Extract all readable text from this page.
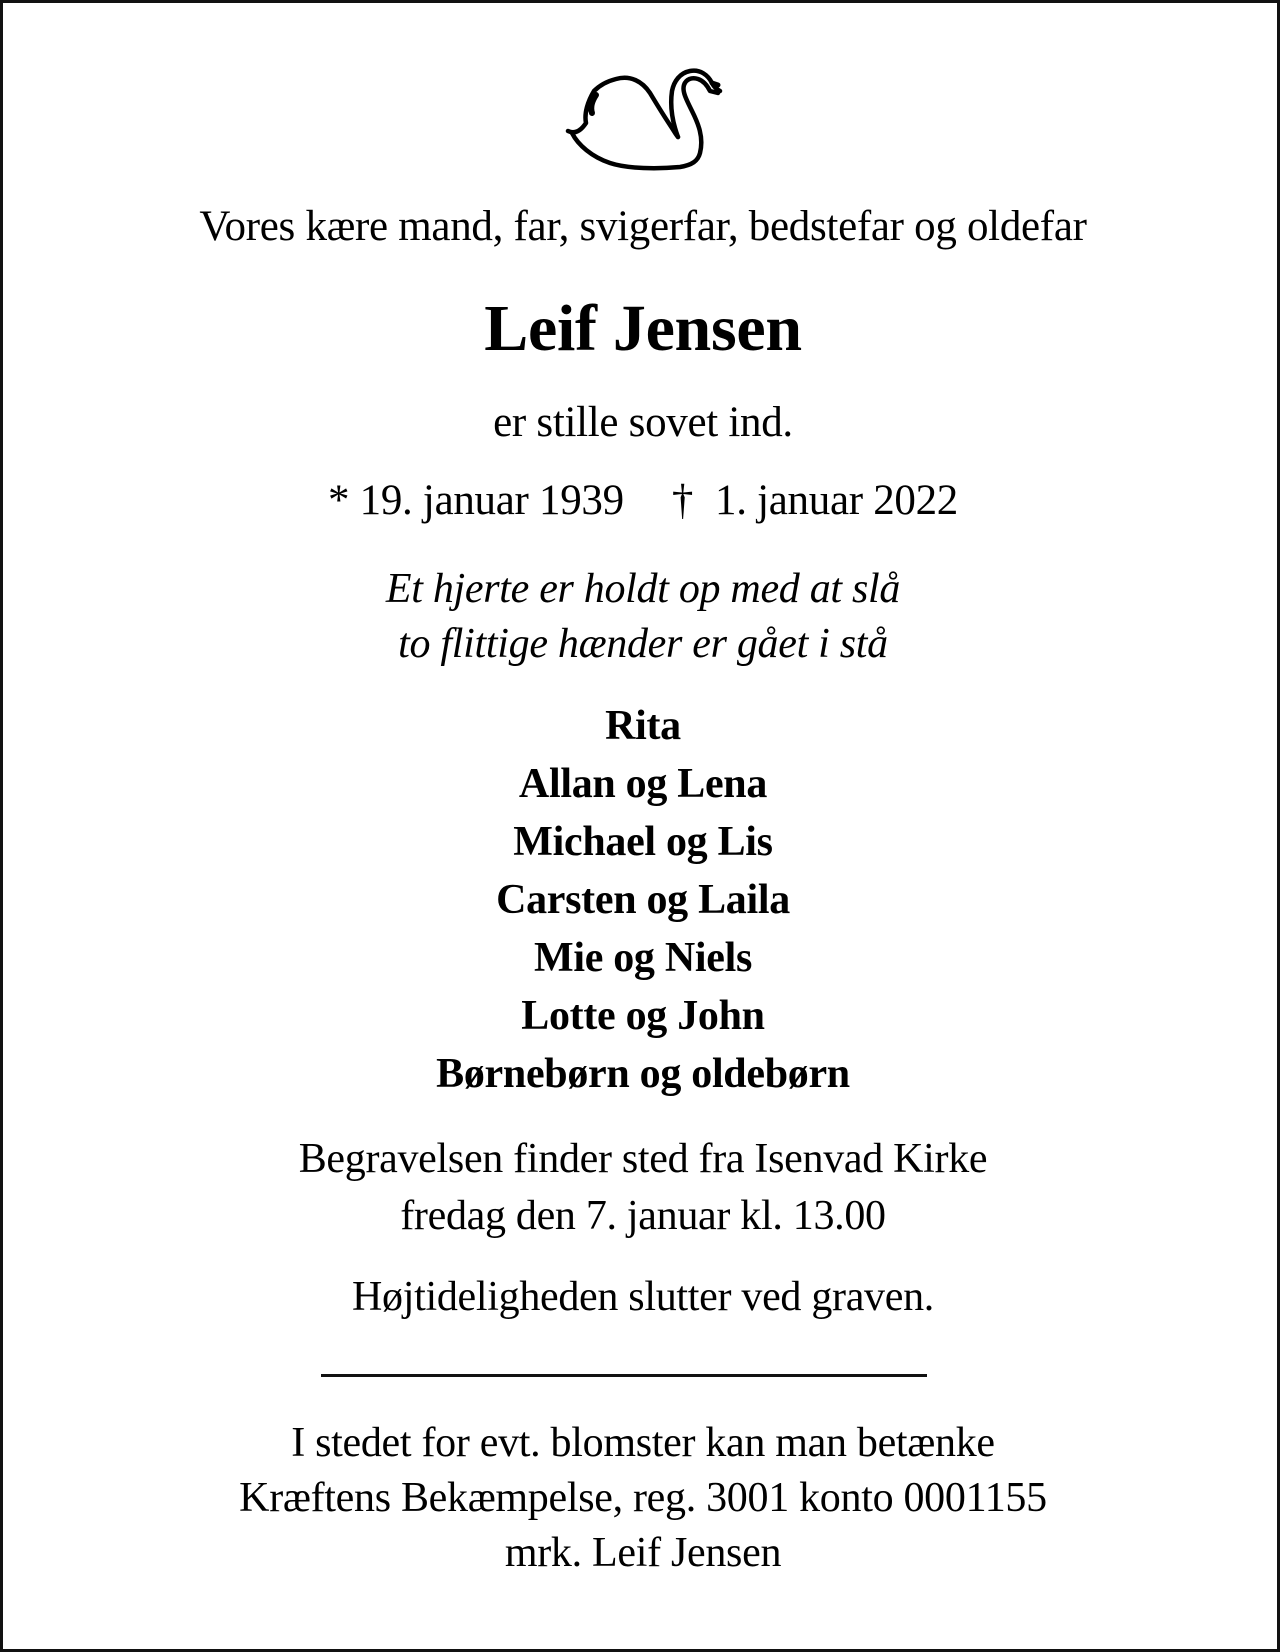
Vores kære mand, far, svigerfar, bedstefar og oldefar

Leif Jensen

er stille sovet ind.

* 19. januar 1939 † 1. januar 2022

Et hjerte er holdt op med at slå

to flittige hænder er gået i stå

Rita

Allan og Lena

Michael og Lis

Carsten og Laila

Mie og Niels

Lotte og John

Børnebørn og oldebørn

Begravelsen finder sted fra Isenvad Kirke

fredag den 7. januar kl. 13.00

Højtideligheden slutter ved graven.

I stedet for evt. blomster kan man betænke

Kræftens Bekæmpelse, reg. 3001 konto 0001155

mrk. Leif Jensen
